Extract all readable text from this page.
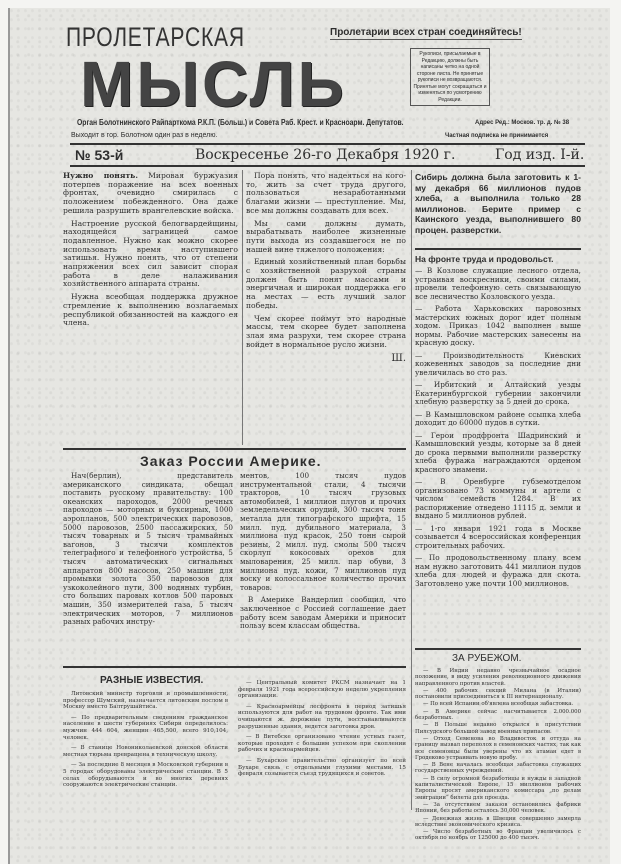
ПРОЛЕТАРСКАЯ
МЫСЛЬ
Пролетарии всех стран соединяйтесь!
Рукописи, присылаемые в Редакцию, должны быть написаны четко на одной стороне листа. Не принятые рукописи не возвращаются. Принятые могут сокращаться и изменяться по усмотрению Редакции.
Орган Болотнинского Райпарткома Р.К.П. (Больш.) и Совета Раб. Крест. и Красноарм. Депутатов.	Адрес Ред.: Москов. тр. д. № 38
Выходит в гор. Болотном один раз в неделю.	Частная подписка не принимается
№ 53-й	Воскресенье 26-го Декабря 1920 г.	Год изд. I-й.

Нужно понять. Мировая буржуазия потерпев поражение на всех военных фронтах, очевидно смирилась с положением побежденного. Она даже решила разрушить врангелевские войска.

Настроение русской белогвардейщины, находящейся заграницей самое подавленное. Нужно как можно скорее использовать время наступившего затишья. Нужно понять, что от степени напряжения всех сил зависит спорая работа в деле налаживания хозяйственного аппарата страны.

Нужна всеобщая поддержка дружное стремление к выполнению возлагаемых республикой обязанностей на каждого ея члена.

Пора понять, что надеяться на кого-то, жить за счет труда другого, пользоваться незаработанными благами жизни — преступление. Мы, все мы должны создавать для всех.

Мы сами должны думать, вырабатывать наиболее жизненные пути выхода из создавшегося не по нашей вине тяжелого положения:

Единый хозяйственный план борьбы с хозяйственной разрухой страны должен быть понят массами и энергичная и широкая поддержка его на местах — есть лучший залог победы.

Чем скорее поймут это народные массы, тем скорее будет заполнена злая яма разрухи, тем скорее страна войдет в нормальное русло жизни.

Ш.
Сибирь должна была заготовить к 1-му декабря 66 миллионов пудов хлеба, а выполнила только 28 миллионов. Берите пример с Каинского уезда, выполнившего 80 процен. разверстки.
На фронте труда и продовольст.

— В Козлове служащие лесного отдела, устраивая воскресники, своими силами, провели телефонную сеть связывающую все лесничество Козловского уезда.

— Работа Харьковских паровозных мастерских южных дорог идет полным ходом. Приказ 1042 выполнен выше нормы. Рабочие мастерских занесены на красную доску.

— Производительность Киевских кожевенных заводов за последние дни увеличилась во сто раз.

— Ирбитский и Алтайский уезды Екатеринбургской губернии закончили хлебную разверстку за 5 дней до срока.

— В Камышловском районе ссыпка хлеба доходит до 60000 пудов в сутки.

— Герои продфронта Шадринский и Камышловский уезды, которые за 8 дней до срока первыми выполнили разверстку хлеба фуража награждаются орденом красного знамени.

— В Оренбурге губземотделом организовано 73 коммуны и артели с числом семейств 1284. В их распоряжение отведено 11115 д. земли и выдано 5 миллионов рублей.

— 1-го января 1921 года в Москве созывается 4 всероссийская конференция строительных рабочих.

— По продовольственному плану всем нам нужно заготовить 441 миллион пудов хлеба для людей и фуража для скота. Заготовлено уже почти 100 миллионов.

ЗА РУБЕЖОМ.

— В Индии недавно чрезвычайное осадное положение, в виду усиления революционного движения направленного против властей.

— 400 рабочих секций Милана (в Италии) постановили присоединиться к III интернационалу.

— По всей Испании об'явлена всеобщая забастовка.

— В Америке сейчас насчитывается 2.000.000 безработных.

— В Польше недавно открылся в присутствии Пилсудского большой завод военных припасов.

— Отход Семенова во Владивосток и оттуда на границу вызвал переполох в семеновских частях, так как все семеновцы были уверены что их атаман едет в Гродеково устраивать новую пробу.

— В Вене началась всеобщая забастовка служащих государственных учреждений.

— В силу огромной безработицы и нужды в западной капиталистической Европе, 15 миллионов рабочих Европы просят американского комиссара „по делам эмиграции“ билеты для проезда.

— За отсутствием заказов остановились фабрики Японии, без работы осталось 30,000 человек.

— Денежная жизнь в Швеции совершенно замерла вследствие экономического кризиса.

— Число безработных во Франции увеличилось с октября по ноябрь от 125000 до 400 тысяч.

Заказ России Америке.

Нач(берлин), представитель американского синдиката, обещал поставить русскому правительству: 100 океанских пароходов, 2000 речных пароходов — моторных и буксирных, 1000 аэропланов, 500 электрических паровозов, 5000 паровозов, 2500 пассажирских, 50 тысяч товарных и 5 тысяч трамвайных вагонов, 3 тысячи комплектов телеграфного и телефонного устройства, 5 тысяч автоматических сигнальных аппаратов 800 насосов, 250 машин для промывки золота 350 паровозов для узкоколейного пути, 300 водяных турбин, сто больших паровых котлов 500 паровых машин, 350 измерителей газа, 5 тысяч электрических моторов, 7 миллионов разных рабочих инстру-

ментов, 100 тысяч пудов инструментальной стали, 4 тысячи тракторов, 10 тысяч грузовых автомобилей, 1 миллион плугов и прочих земледельческих орудий, 300 тысяч тонн металла для типографского шрифта, 15 милл. пуд. дубильного материала, 3 миллиона пуд красок, 250 тонн сырой резины, 2 милл. пуд. смолы 500 тысяч скорлуп кокосовых орехов для мыловарения, 25 милл. пар обуви, 3 миллиона пуд. кожи, 7 миллионов пуд воску и колоссальное количество прочих товаров.

В Америке Вандерлип сообщил, что заключенное с Россией соглашение дает работу всем заводам Америки и приносит пользу всем классам общества.

РАЗНЫЕ ИЗВЕСТИЯ.

Литовский министр торговли и промышленности, профессор Шумский, назначается литовским послом в Москву вместо Балтрушайтиса.

— По предварительным сведениям гражданское население в шести губерниях Сибири определилось: мужчин 444 604, женщин 465,500, всего 910,104, человек.

— В станице Новониколаевской донской области местная тюрьма превращена в техническую школу.

— За последние 8 месяцев в Московской губернии в 5 городах оборудованы электрические станции. В 5 селах оборудываются и во многих деревнях сооружаются электрические станции.

— Центральный комитет РКСМ назначает на 1 февраля 1921 года всероссийскую неделю укрепления организации.

— Красноармейцы лесфронта в период затишья используются для работ на трудовом фронте. Так ими очищаются ж. дорожные пути, восстанавливаются разрушенные здания, ведется заготовка дров.

— В Витебске организовано чтение устных газет, которые проходят с большим успехом при скоплении рабочих и красноармейцев.

— Бухарское правительство организует по всей Бухаре связь с отдельными глухими местами. 15 февраля созывается съезд трудящихся и советов.
